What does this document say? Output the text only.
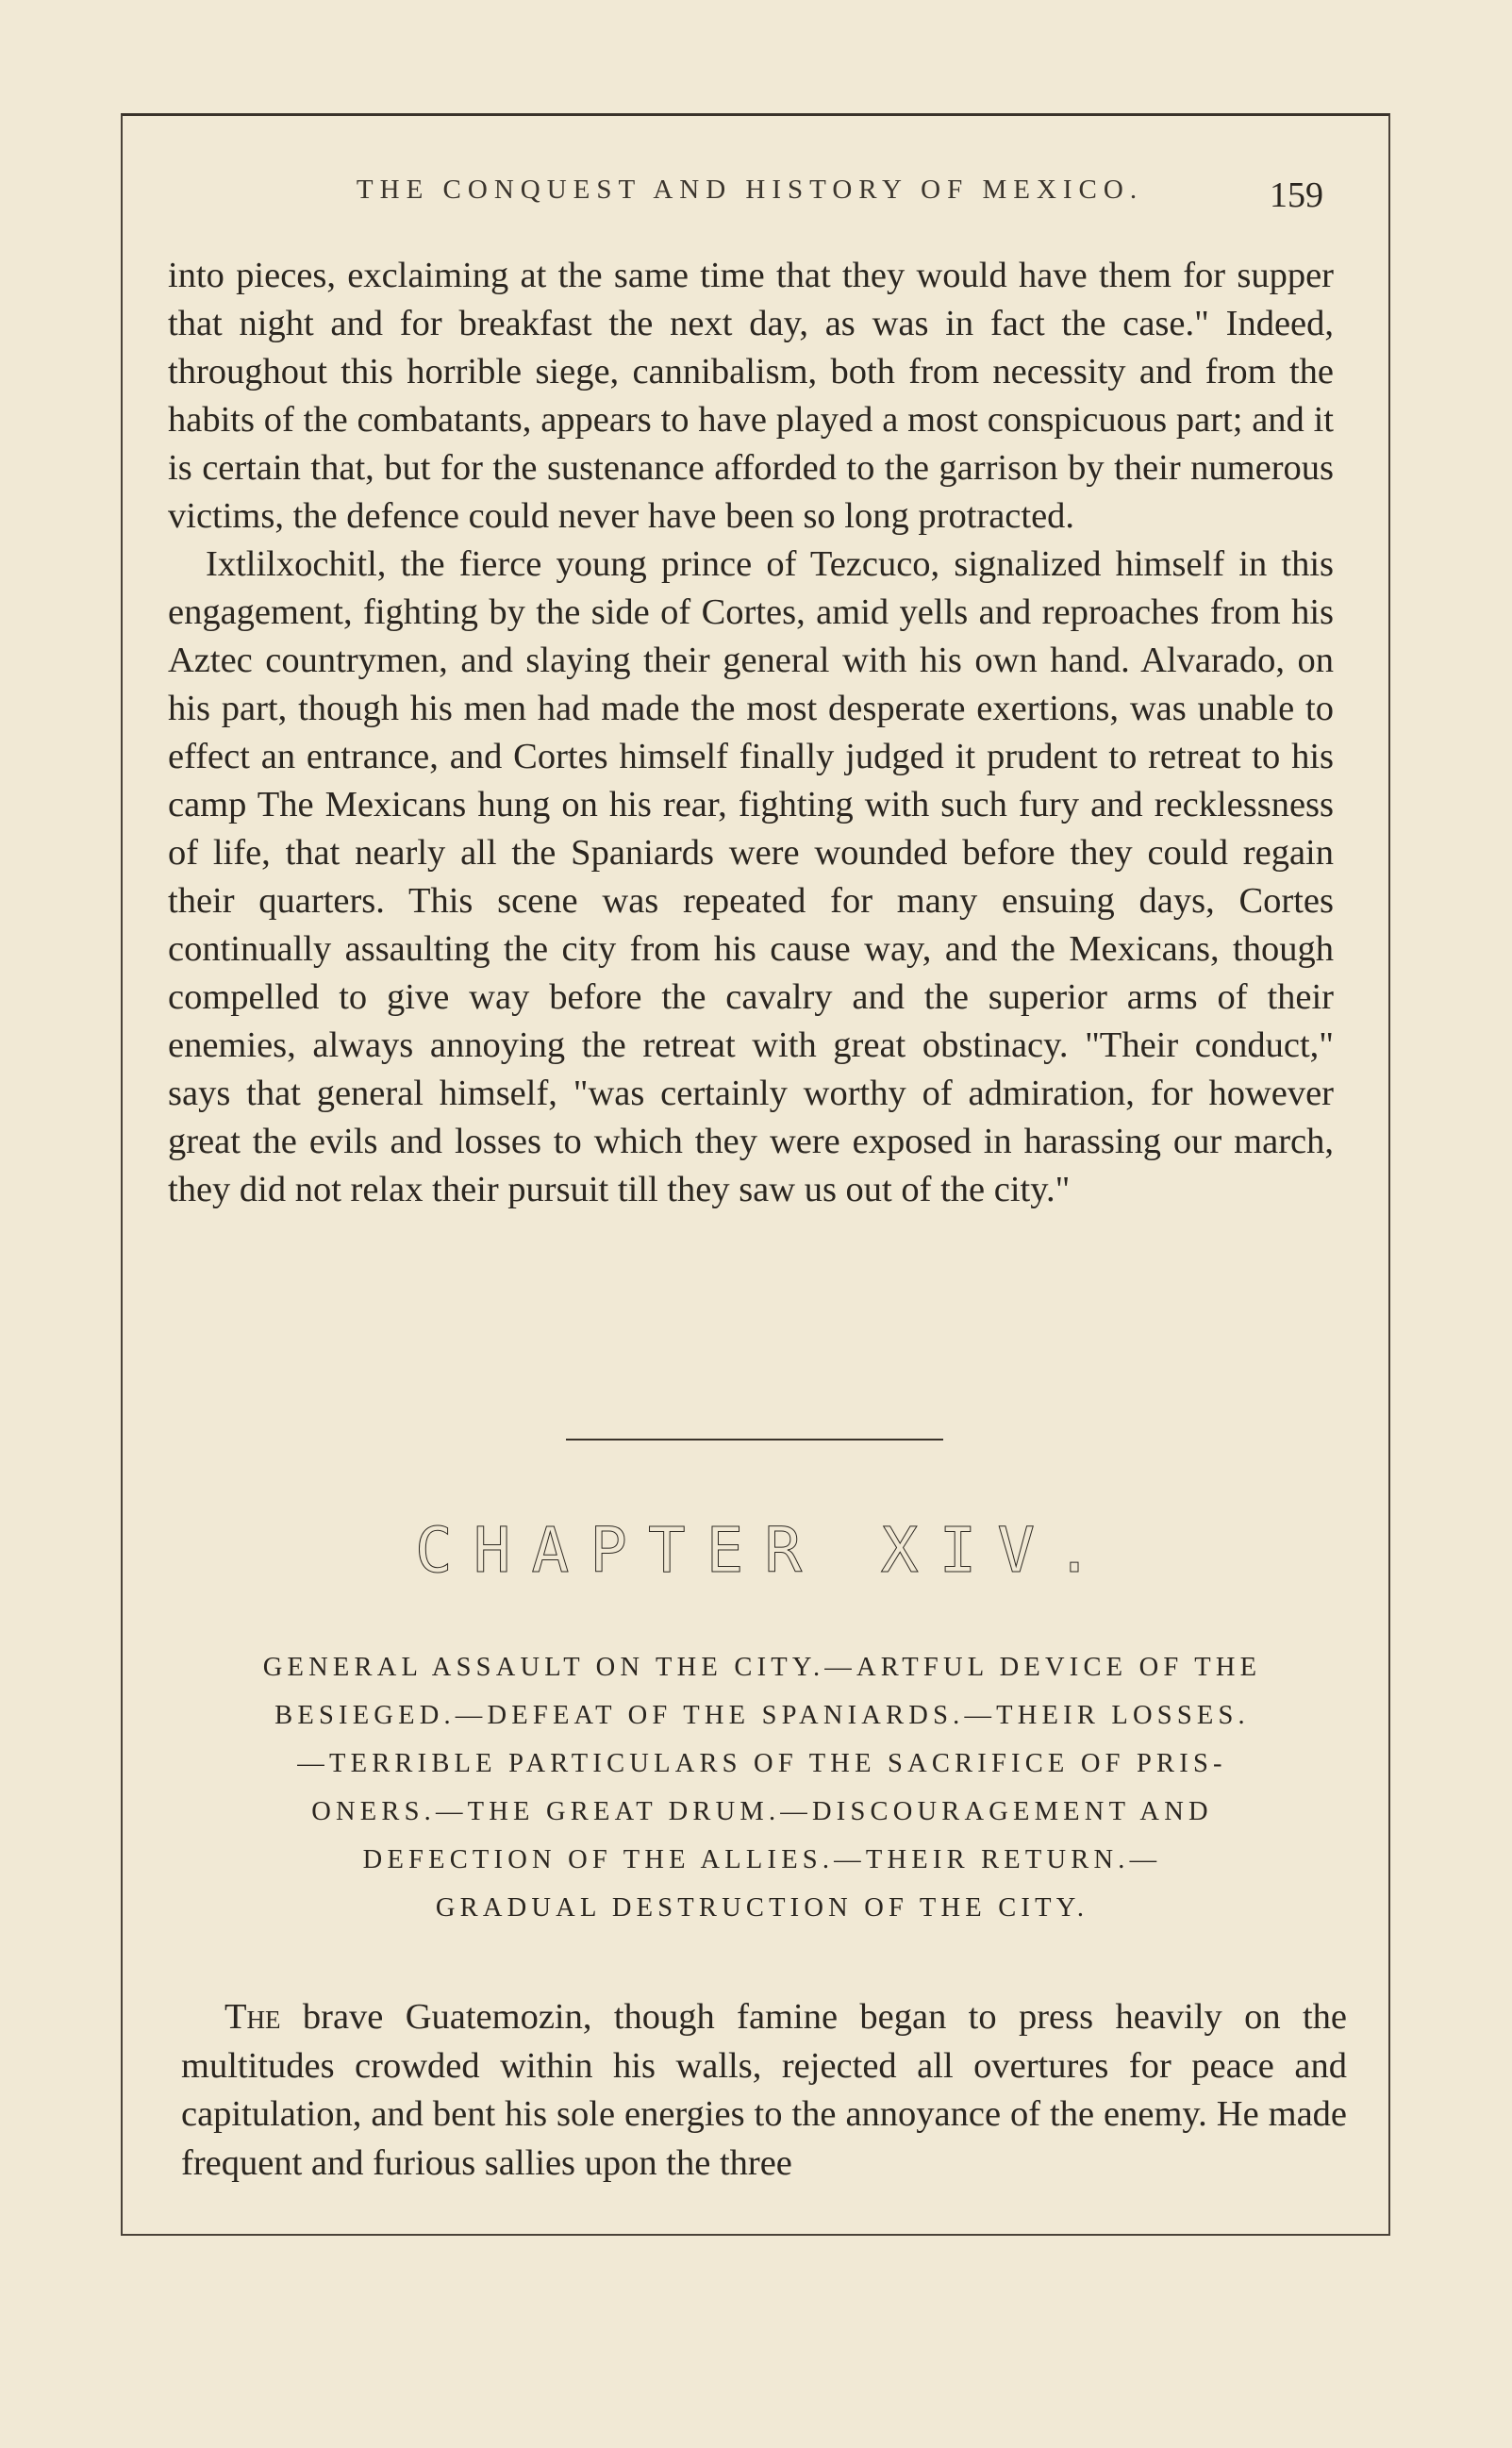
THE CONQUEST AND HISTORY OF MEXICO.	159

into pieces, exclaiming at the same time that they would have them for supper that night and for breakfast the next day, as was in fact the case." Indeed, throughout this horrible siege, cannibalism, both from necessity and from the habits of the combatants, appears to have played a most conspicuous part; and it is certain that, but for the sustenance afforded to the garrison by their numerous victims, the defence could never have been so long protracted.

Ixtlilxochitl, the fierce young prince of Tezcuco, signalized himself in this engagement, fighting by the side of Cortes, amid yells and reproaches from his Aztec countrymen, and slaying their general with his own hand. Alvarado, on his part, though his men had made the most desperate exertions, was unable to effect an entrance, and Cortes himself finally judged it prudent to retreat to his camp The Mexicans hung on his rear, fighting with such fury and recklessness of life, that nearly all the Spaniards were wounded before they could regain their quarters. This scene was repeated for many ensuing days, Cortes continually assaulting the city from his cause way, and the Mexicans, though compelled to give way before the cavalry and the superior arms of their enemies, always annoying the retreat with great obstinacy. "Their conduct," says that general himself, "was certainly worthy of admiration, for however great the evils and losses to which they were exposed in harassing our march, they did not relax their pursuit till they saw us out of the city."

CHAPTER XIV.
GENERAL ASSAULT ON THE CITY.—ARTFUL DEVICE OF THE
BESIEGED.—DEFEAT OF THE SPANIARDS.—THEIR LOSSES.
—TERRIBLE PARTICULARS OF THE SACRIFICE OF PRIS-
ONERS.—THE GREAT DRUM.—DISCOURAGEMENT AND
DEFECTION OF THE ALLIES.—THEIR RETURN.—
GRADUAL DESTRUCTION OF THE CITY.

The brave Guatemozin, though famine began to press heavily on the multitudes crowded within his walls, rejected all overtures for peace and capitulation, and bent his sole energies to the annoyance of the enemy. He made frequent and furious sallies upon the three
